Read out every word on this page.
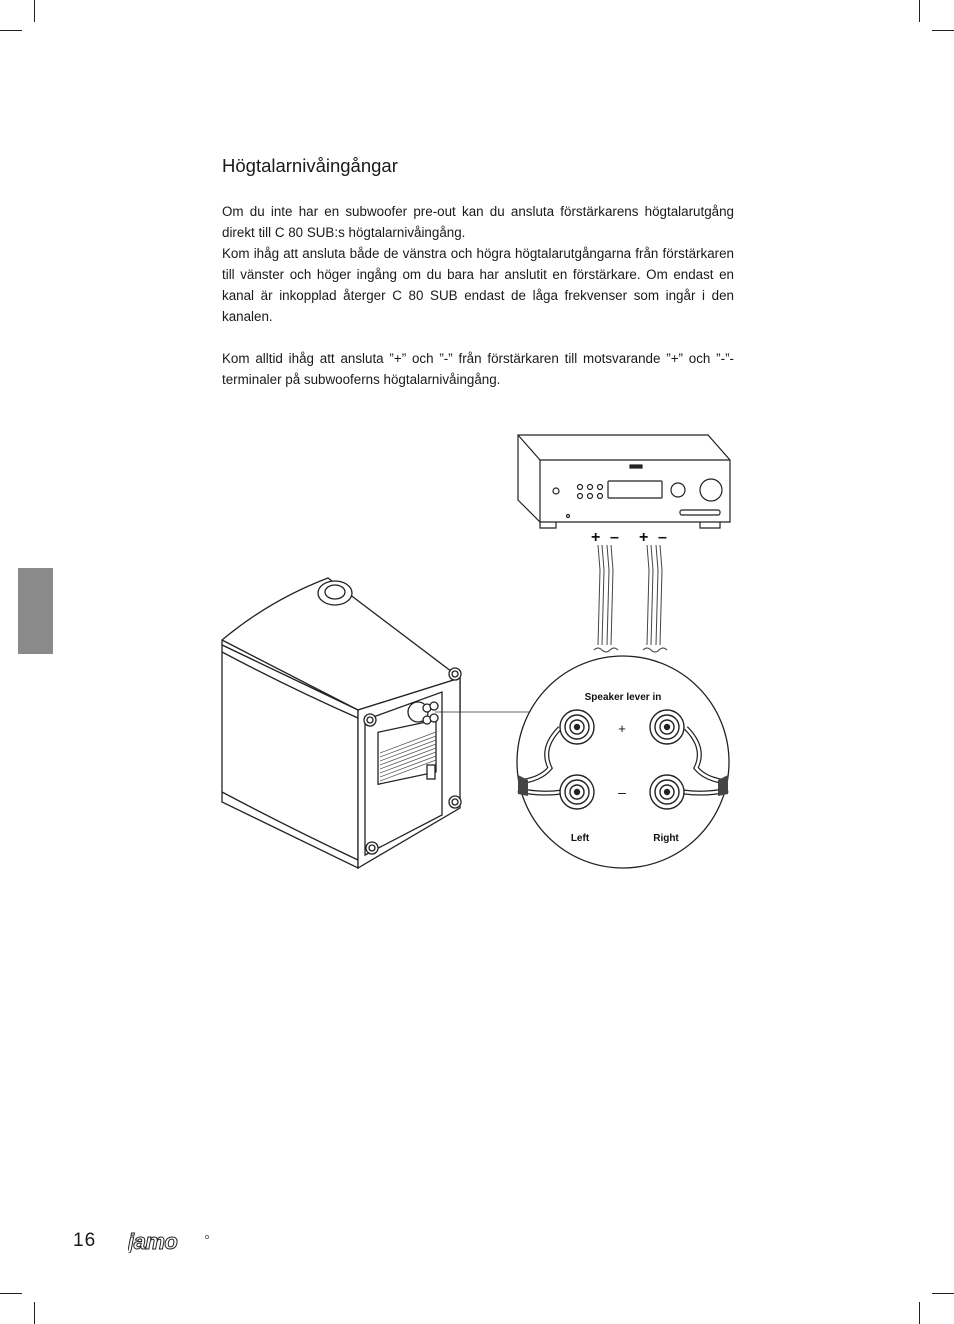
Högtalarnivåingångar

Om du inte har en subwoofer pre-out kan du ansluta förstärkarens högtalarutgång direkt till C 80 SUB:s högtalarnivåingång.

Kom ihåg att ansluta både de vänstra och högra högtalarutgångarna från förstärkaren till vänster och höger ingång om du bara har anslutit en förstärkare. Om endast en kanal är inkopplad återger C 80 SUB endast de låga frekvenser som ingår i den kanalen.

Kom alltid ihåg att ansluta ”+” och ”-” från förstärkaren till motsvarande ”+” och ”-”-terminaler på subwooferns högtalarnivåingång.

+ – + –
Speaker lever in
+
–
Left	Right
16 jamo
